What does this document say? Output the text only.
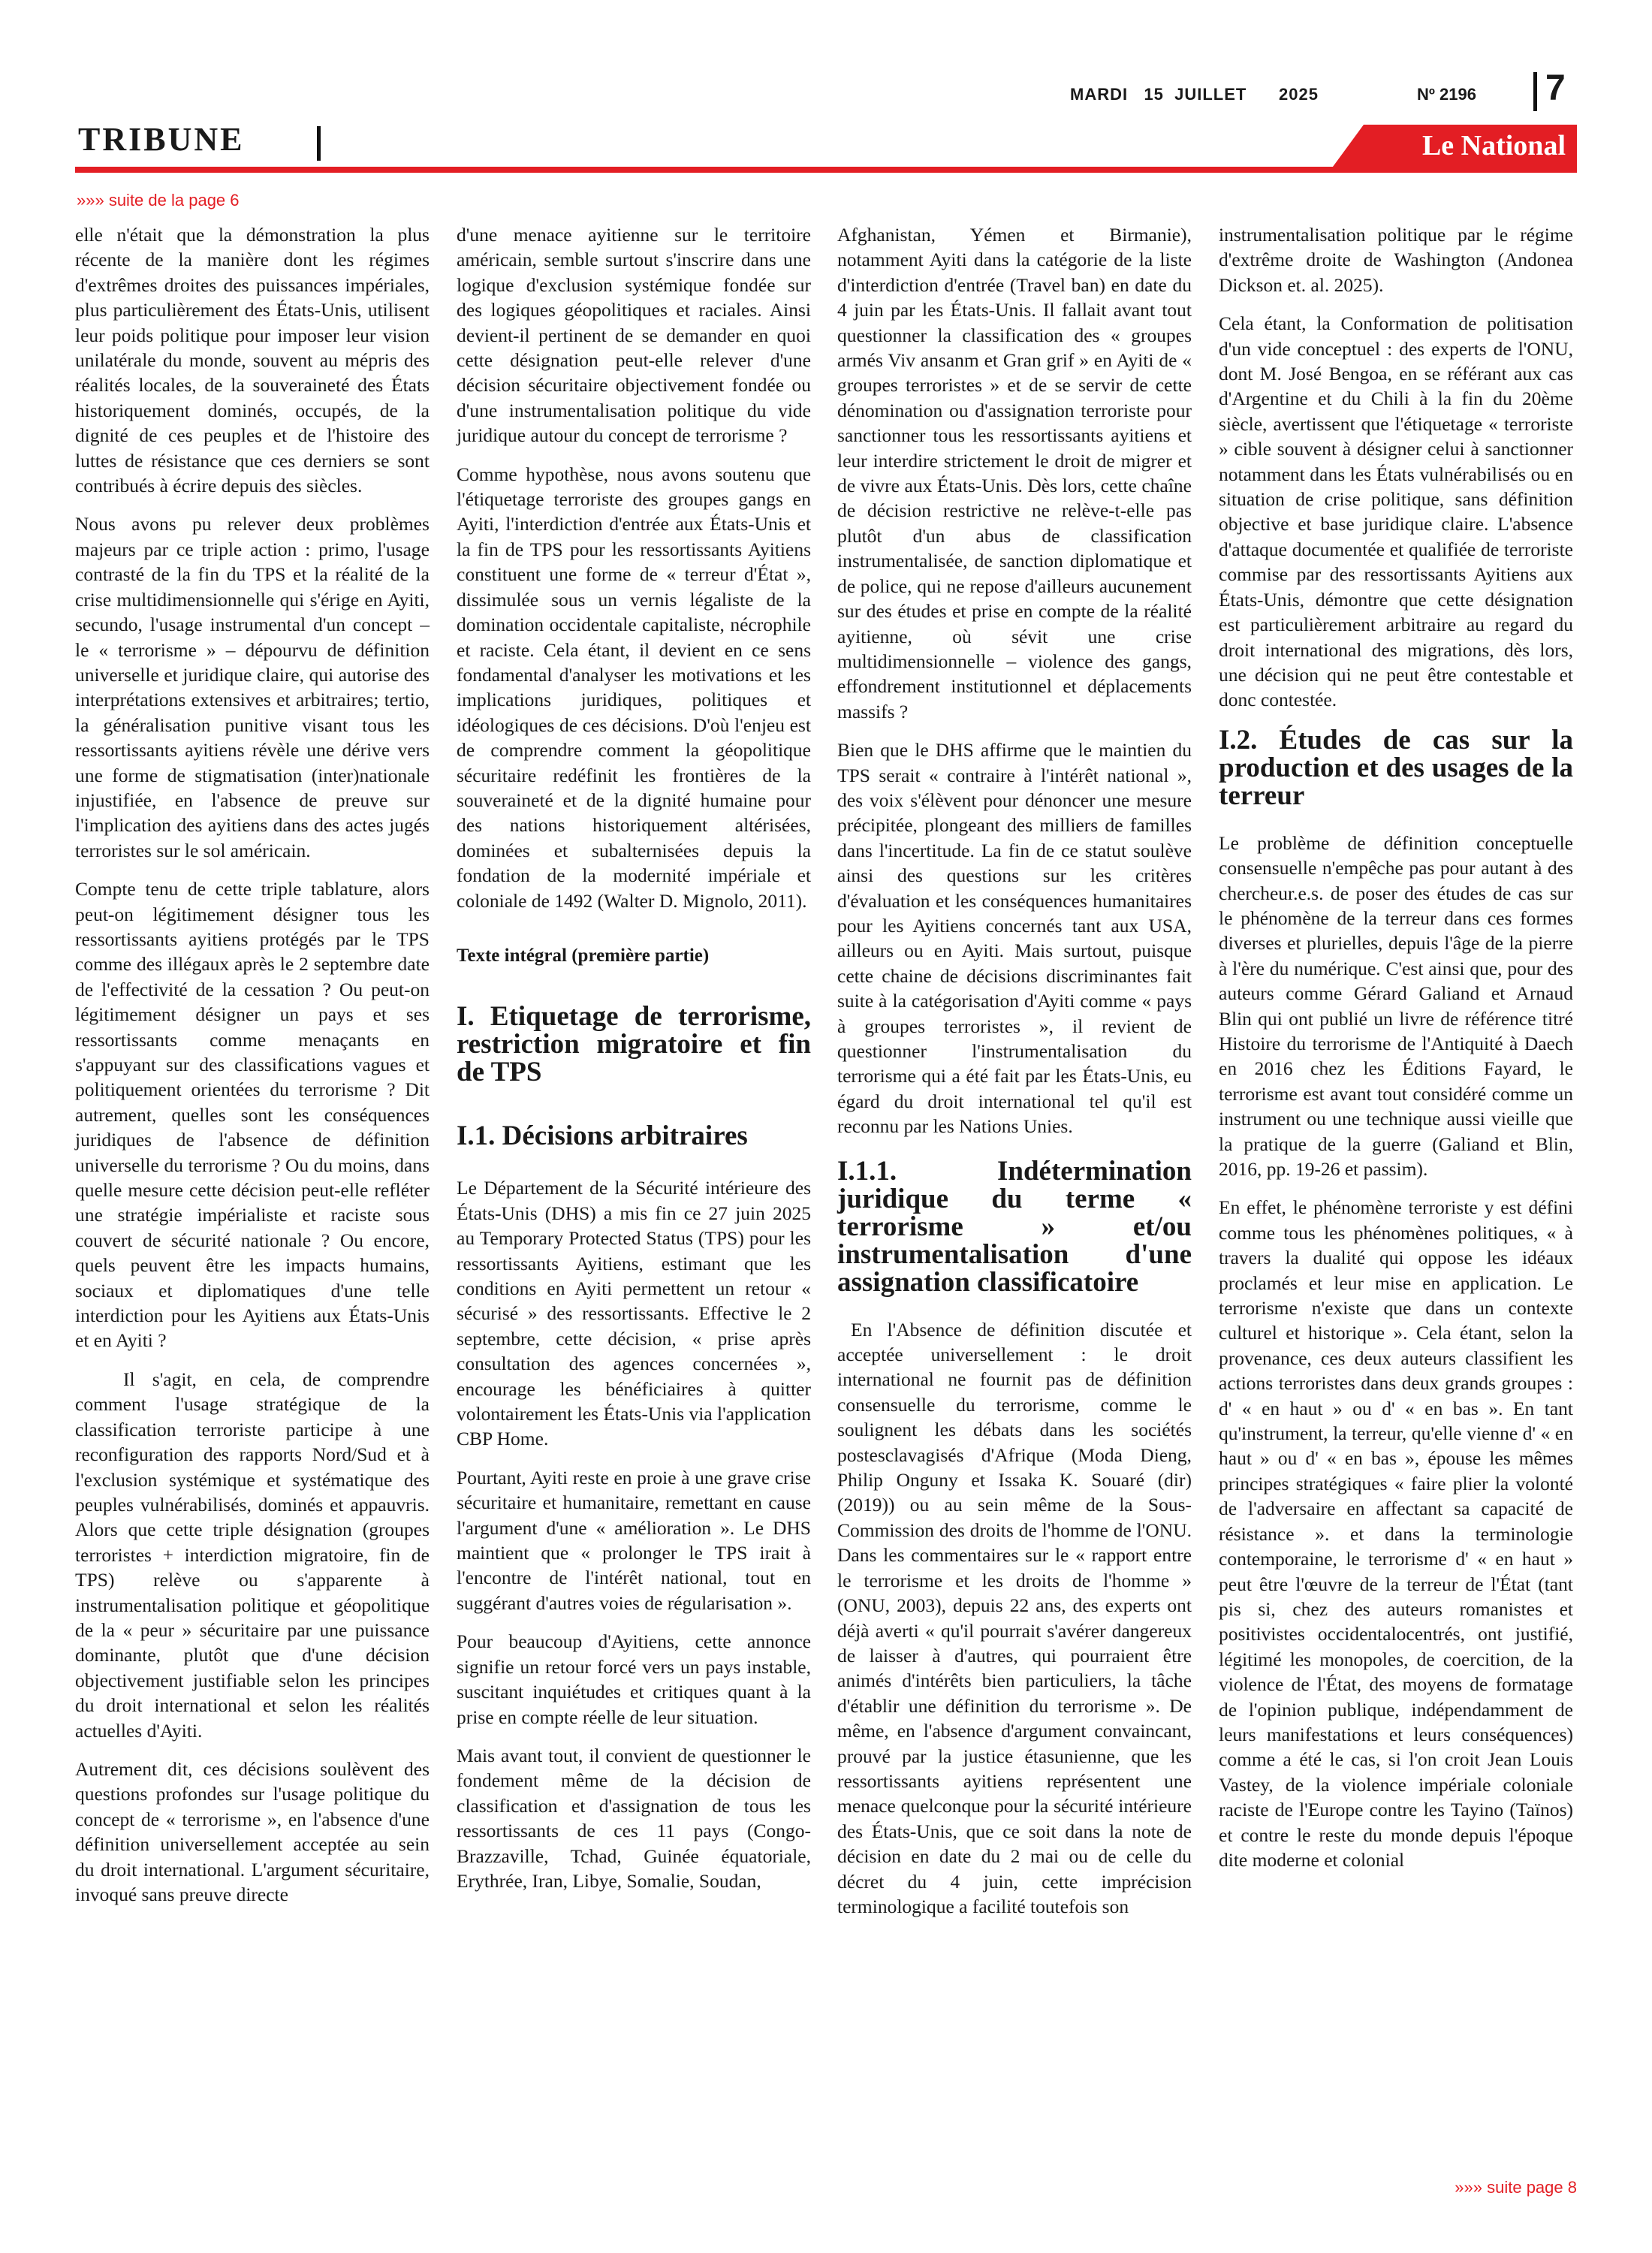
MARDI   15  JUILLET      2025	Nº 2196 7
TRIBUNE	Le National
»»» suite de la page 6

elle n'était que la démonstration la plus récente de la manière dont les régimes d'extrêmes droites des puissances impériales, plus particulièrement des États-Unis, utilisent leur poids politique pour imposer leur vision unilatérale du monde, souvent au mépris des réalités locales, de la souveraineté des États historiquement dominés, occupés, de la dignité de ces peuples et de l'histoire des luttes de résistance que ces derniers se sont contribués à écrire depuis des siècles.

Nous avons pu relever deux problèmes majeurs par ce triple action : primo, l'usage contrasté de la fin du TPS et la réalité de la crise multidimensionnelle qui s'érige en Ayiti, secundo, l'usage instrumental d'un concept – le « terrorisme » – dépourvu de définition universelle et juridique claire, qui autorise des interprétations extensives et arbitraires; tertio, la généralisation punitive visant tous les ressortissants ayitiens révèle une dérive vers une forme de stigmatisation (inter)nationale injustifiée, en l'absence de preuve sur l'implication des ayitiens dans des actes jugés terroristes sur le sol américain.

Compte tenu de cette triple tablature, alors peut-on légitimement désigner tous les ressortissants ayitiens protégés par le TPS comme des illégaux après le 2 septembre date de l'effectivité de la cessation ? Ou peut-on légitimement désigner un pays et ses ressortissants comme menaçants en s'appuyant sur des classifications vagues et politiquement orientées du terrorisme ? Dit autrement, quelles sont les conséquences juridiques de l'absence de définition universelle du terrorisme ? Ou du moins, dans quelle mesure cette décision peut-elle refléter une stratégie impérialiste et raciste sous couvert de sécurité nationale ? Ou encore, quels peuvent être les impacts humains, sociaux et diplomatiques d'une telle interdiction pour les Ayitiens aux États-Unis et en Ayiti ?

Il s'agit, en cela, de comprendre comment l'usage stratégique de la classification terroriste participe à une reconfiguration des rapports Nord/Sud et à l'exclusion systémique et systématique des peuples vulnérabilisés, dominés et appauvris. Alors que cette triple désignation (groupes terroristes + interdiction migratoire, fin de TPS) relève ou s'apparente à instrumentalisation politique et géopolitique de la « peur » sécuritaire par une puissance dominante, plutôt que d'une décision objectivement justifiable selon les principes du droit international et selon les réalités actuelles d'Ayiti.

Autrement dit, ces décisions soulèvent des questions profondes sur l'usage politique du concept de « terrorisme », en l'absence d'une définition universellement acceptée au sein du droit international. L'argument sécuritaire, invoqué sans preuve directe

d'une menace ayitienne sur le territoire américain, semble surtout s'inscrire dans une logique d'exclusion systémique fondée sur des logiques géopolitiques et raciales. Ainsi devient-il pertinent de se demander en quoi cette désignation peut-elle relever d'une décision sécuritaire objectivement fondée ou d'une instrumentalisation politique du vide juridique autour du concept de terrorisme ?

Comme hypothèse, nous avons soutenu que l'étiquetage terroriste des groupes gangs en Ayiti, l'interdiction d'entrée aux États-Unis et la fin de TPS pour les ressortissants Ayitiens constituent une forme de « terreur d'État », dissimulée sous un vernis légaliste de la domination occidentale capitaliste, nécrophile et raciste. Cela étant, il devient en ce sens fondamental d'analyser les motivations et les implications juridiques, politiques et idéologiques de ces décisions. D'où l'enjeu est de comprendre comment la géopolitique sécuritaire redéfinit les frontières de la souveraineté et de la dignité humaine pour des nations historiquement altérisées, dominées et subalternisées depuis la fondation de la modernité impériale et coloniale de 1492 (Walter D. Mignolo, 2011).

Texte intégral (première partie)

I. Etiquetage de terrorisme, restriction migratoire et fin de TPS
I.1. Décisions arbitraires

Le Département de la Sécurité intérieure des États-Unis (DHS) a mis fin ce 27 juin 2025 au Temporary Protected Status (TPS) pour les ressortissants Ayitiens, estimant que les conditions en Ayiti permettent un retour « sécurisé » des ressortissants. Effective le 2 septembre, cette décision, « prise après consultation des agences concernées », encourage les bénéficiaires à quitter volontairement les États-Unis via l'application CBP Home.

Pourtant, Ayiti reste en proie à une grave crise sécuritaire et humanitaire, remettant en cause l'argument d'une « amélioration ». Le DHS maintient que « prolonger le TPS irait à l'encontre de l'intérêt national, tout en suggérant d'autres voies de régularisation ».

Pour beaucoup d'Ayitiens, cette annonce signifie un retour forcé vers un pays instable, suscitant inquiétudes et critiques quant à la prise en compte réelle de leur situation.

Mais avant tout, il convient de questionner le fondement même de la décision de classification et d'assignation de tous les ressortissants de ces 11 pays (Congo-Brazzaville, Tchad, Guinée équatoriale, Erythrée, Iran, Libye, Somalie, Soudan,

Afghanistan, Yémen et Birmanie), notamment Ayiti dans la catégorie de la liste d'interdiction d'entrée (Travel ban) en date du 4 juin par les États-Unis. Il fallait avant tout questionner la classification des « groupes armés Viv ansanm et Gran grif » en Ayiti de « groupes terroristes » et de se servir de cette dénomination ou d'assignation terroriste pour sanctionner tous les ressortissants ayitiens et leur interdire strictement le droit de migrer et de vivre aux États-Unis. Dès lors, cette chaîne de décision restrictive ne relève-t-elle pas plutôt d'un abus de classification instrumentalisée, de sanction diplomatique et de police, qui ne repose d'ailleurs aucunement sur des études et prise en compte de la réalité ayitienne, où sévit une crise multidimensionnelle – violence des gangs, effondrement institutionnel et déplacements massifs ?

Bien que le DHS affirme que le maintien du TPS serait « contraire à l'intérêt national », des voix s'élèvent pour dénoncer une mesure précipitée, plongeant des milliers de familles dans l'incertitude. La fin de ce statut soulève ainsi des questions sur les critères d'évaluation et les conséquences humanitaires pour les Ayitiens concernés tant aux USA, ailleurs ou en Ayiti. Mais surtout, puisque cette chaine de décisions discriminantes fait suite à la catégorisation d'Ayiti comme « pays à groupes terroristes », il revient de questionner l'instrumentalisation du terrorisme qui a été fait par les États-Unis, eu égard du droit international tel qu'il est reconnu par les Nations Unies.

I.1.1. Indétermination juridique du terme « terrorisme » et/ou instrumentalisation d'une assignation classificatoire

En l'Absence de définition discutée et acceptée universellement : le droit international ne fournit pas de définition consensuelle du terrorisme, comme le soulignent les débats dans les sociétés postesclavagisés d'Afrique (Moda Dieng, Philip Onguny et Issaka K. Souaré (dir) (2019)) ou au sein même de la Sous-Commission des droits de l'homme de l'ONU. Dans les commentaires sur le « rapport entre le terrorisme et les droits de l'homme » (ONU, 2003), depuis 22 ans, des experts ont déjà averti « qu'il pourrait s'avérer dangereux de laisser à d'autres, qui pourraient être animés d'intérêts bien particuliers, la tâche d'établir une définition du terrorisme ». De même, en l'absence d'argument convaincant, prouvé par la justice étasunienne, que les ressortissants ayitiens représentent une menace quelconque pour la sécurité intérieure des États-Unis, que ce soit dans la note de décision en date du 2 mai ou de celle du décret du 4 juin, cette imprécision terminologique a facilité toutefois son

instrumentalisation politique par le régime d'extrême droite de Washington (Andonea Dickson et. al. 2025).

Cela étant, la Conformation de politisation d'un vide conceptuel : des experts de l'ONU, dont M. José Bengoa, en se référant aux cas d'Argentine et du Chili à la fin du 20ème siècle, avertissent que l'étiquetage « terroriste » cible souvent à désigner celui à sanctionner notamment dans les États vulnérabilisés ou en situation de crise politique, sans définition objective et base juridique claire. L'absence d'attaque documentée et qualifiée de terroriste commise par des ressortissants Ayitiens aux États-Unis, démontre que cette désignation est particulièrement arbitraire au regard du droit international des migrations, dès lors, une décision qui ne peut être contestable et donc contestée.

I.2. Études de cas sur la production et des usages de la terreur

Le problème de définition conceptuelle consensuelle n'empêche pas pour autant à des chercheur.e.s. de poser des études de cas sur le phénomène de la terreur dans ces formes diverses et plurielles, depuis l'âge de la pierre à l'ère du numérique. C'est ainsi que, pour des auteurs comme Gérard Galiand et Arnaud Blin qui ont publié un livre de référence titré Histoire du terrorisme de l'Antiquité à Daech en 2016 chez les Éditions Fayard, le terrorisme est avant tout considéré comme un instrument ou une technique aussi vieille que la pratique de la guerre (Galiand et Blin, 2016, pp. 19-26 et passim).

En effet, le phénomène terroriste y est défini comme tous les phénomènes politiques, « à travers la dualité qui oppose les idéaux proclamés et leur mise en application. Le terrorisme n'existe que dans un contexte culturel et historique ». Cela étant, selon la provenance, ces deux auteurs classifient les actions terroristes dans deux grands groupes : d' « en haut » ou d' « en bas ». En tant qu'instrument, la terreur, qu'elle vienne d' « en haut » ou d' « en bas », épouse les mêmes principes stratégiques « faire plier la volonté de l'adversaire en affectant sa capacité de résistance ». et dans la terminologie contemporaine, le terrorisme d' « en haut » peut être l'œuvre de la terreur de l'État (tant pis si, chez des auteurs romanistes et positivistes occidentalocentrés, ont justifié, légitimé les monopoles, de coercition, de la violence de l'État, des moyens de formatage de l'opinion publique, indépendamment de leurs manifestations et leurs conséquences) comme a été le cas, si l'on croit Jean Louis Vastey, de la violence impériale coloniale raciste de l'Europe contre les Tayino (Taïnos) et contre le reste du monde depuis l'époque dite moderne et colonial

»»» suite page 8
